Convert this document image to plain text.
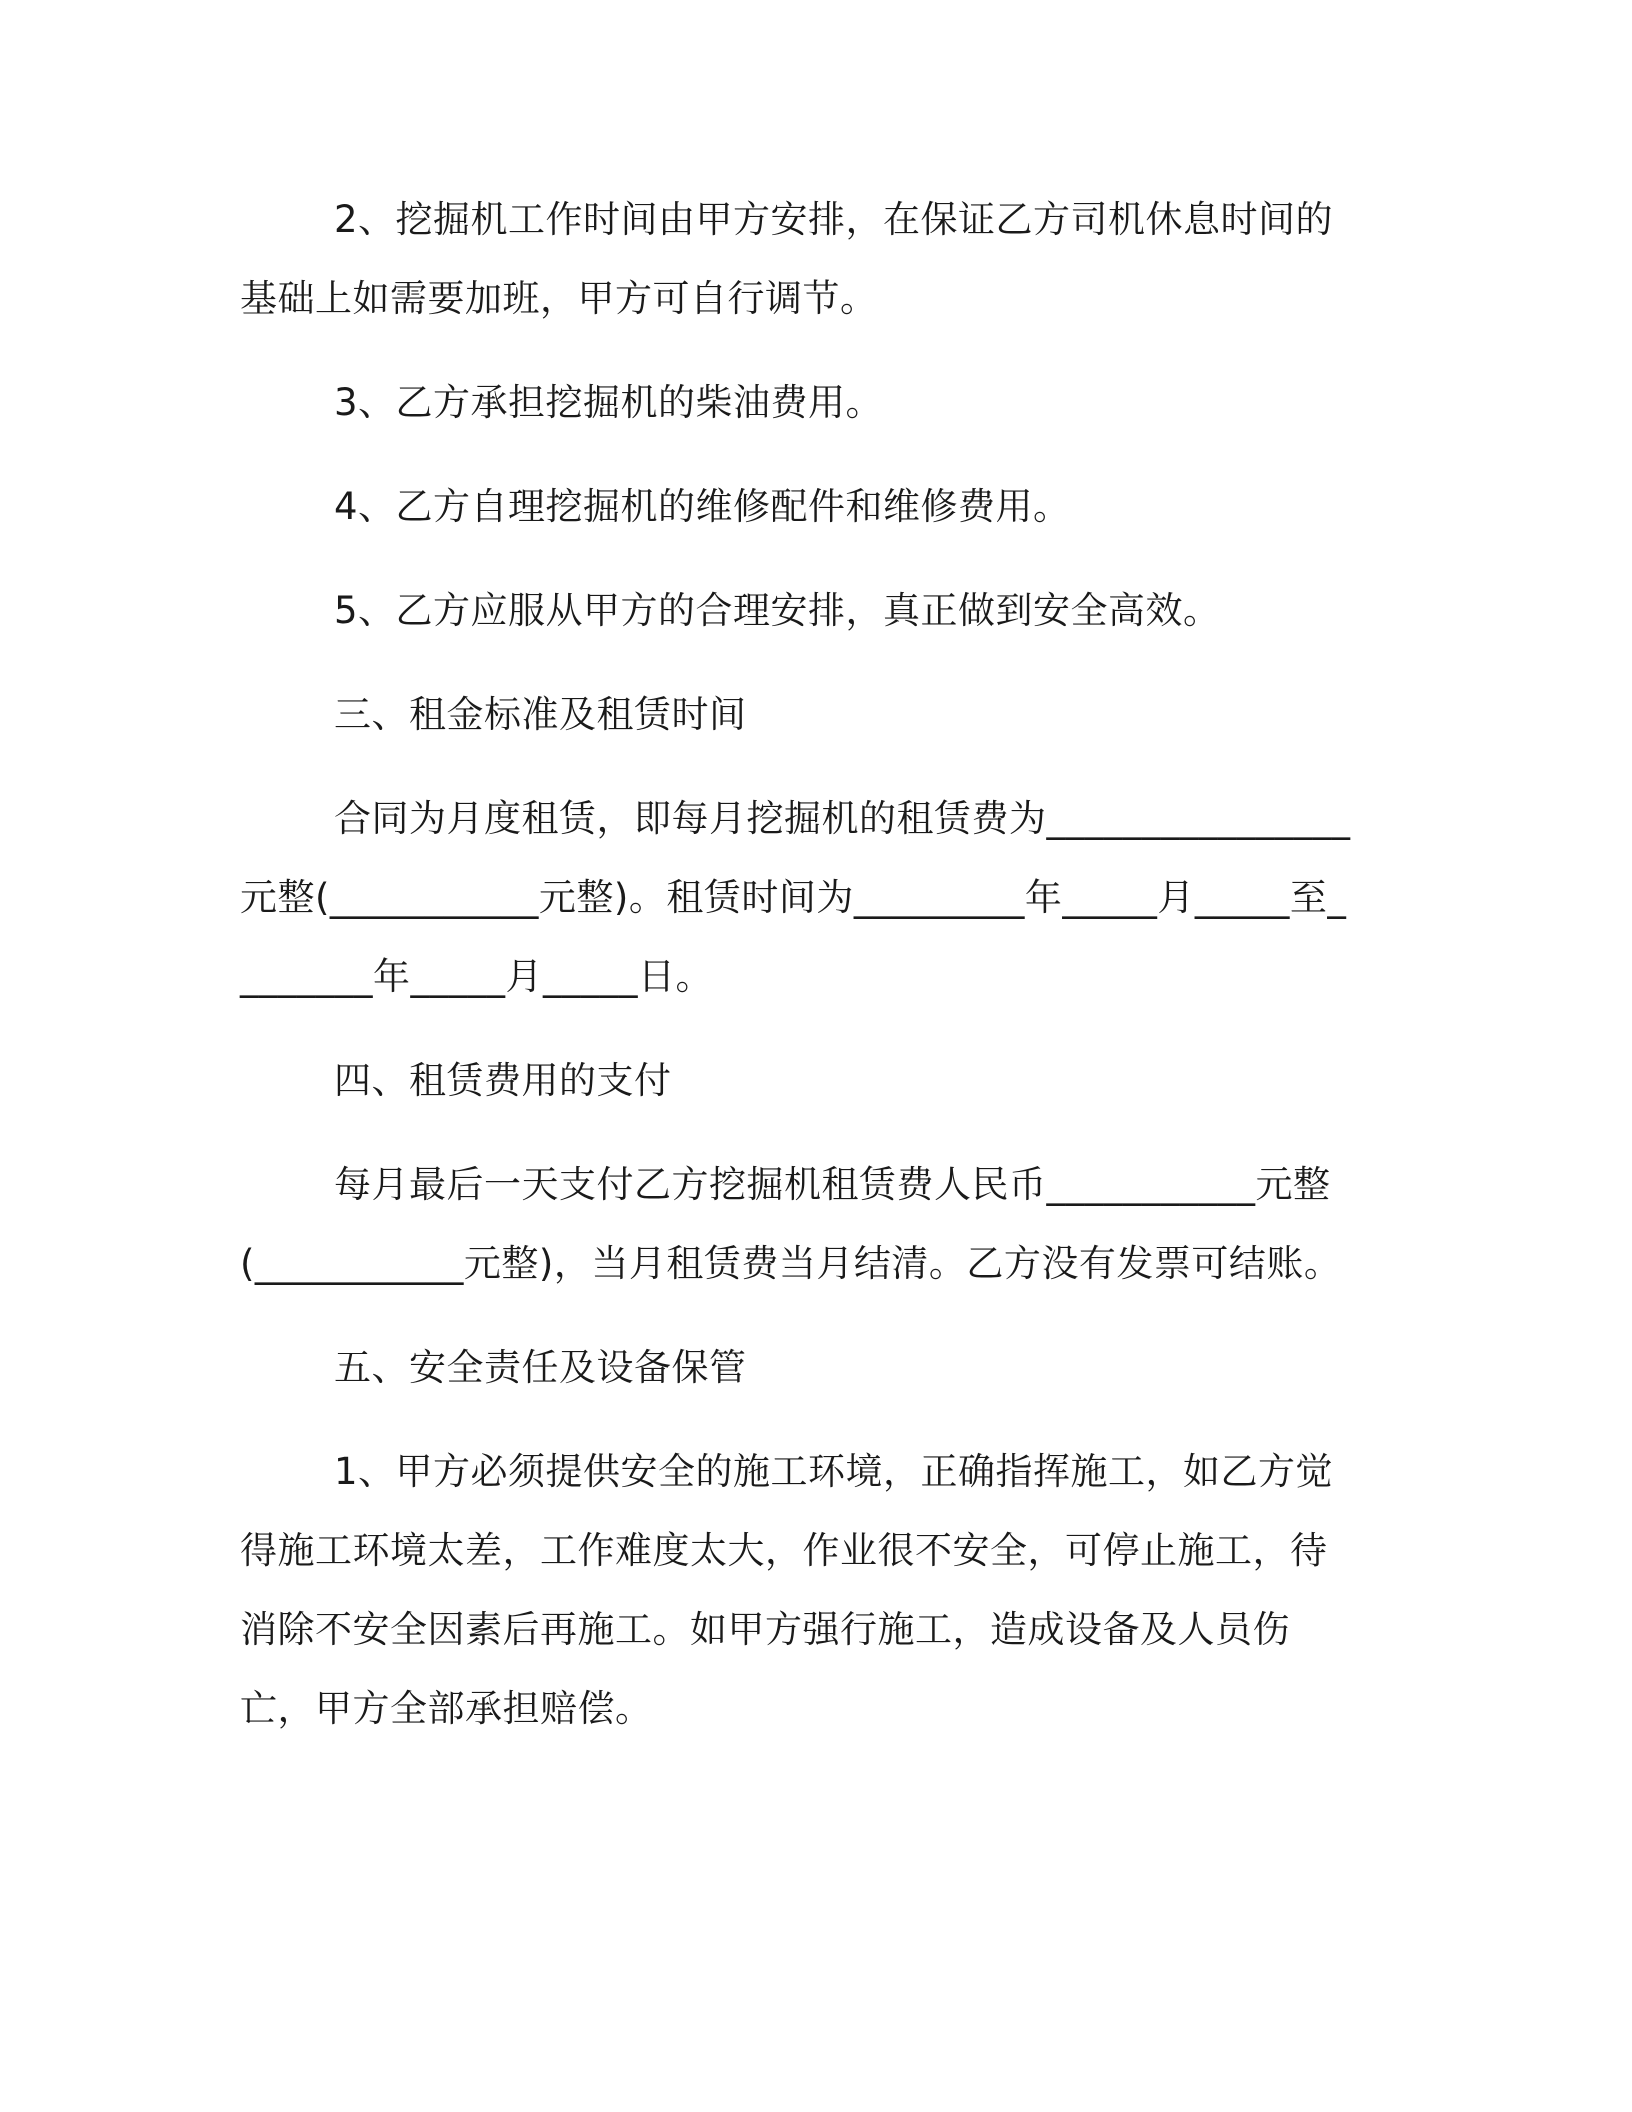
2、挖掘机工作时间由甲方安排，在保证乙方司机休息时间的基础上如需要加班，甲方可自行调节。

3、乙方承担挖掘机的柴油费用。

4、乙方自理挖掘机的维修配件和维修费用。

5、乙方应服从甲方的合理安排，真正做到安全高效。

三、租金标准及租赁时间

合同为月度租赁，即每月挖掘机的租赁费为________________元整(___________元整)。租赁时间为_________年_____月_____至________年_____月_____日。

四、租赁费用的支付

每月最后一天支付乙方挖掘机租赁费人民币___________元整(___________元整)，当月租赁费当月结清。乙方没有发票可结账。

五、安全责任及设备保管

1、甲方必须提供安全的施工环境，正确指挥施工，如乙方觉得施工环境太差，工作难度太大，作业很不安全，可停止施工，待消除不安全因素后再施工。如甲方强行施工，造成设备及人员伤亡，甲方全部承担赔偿。
